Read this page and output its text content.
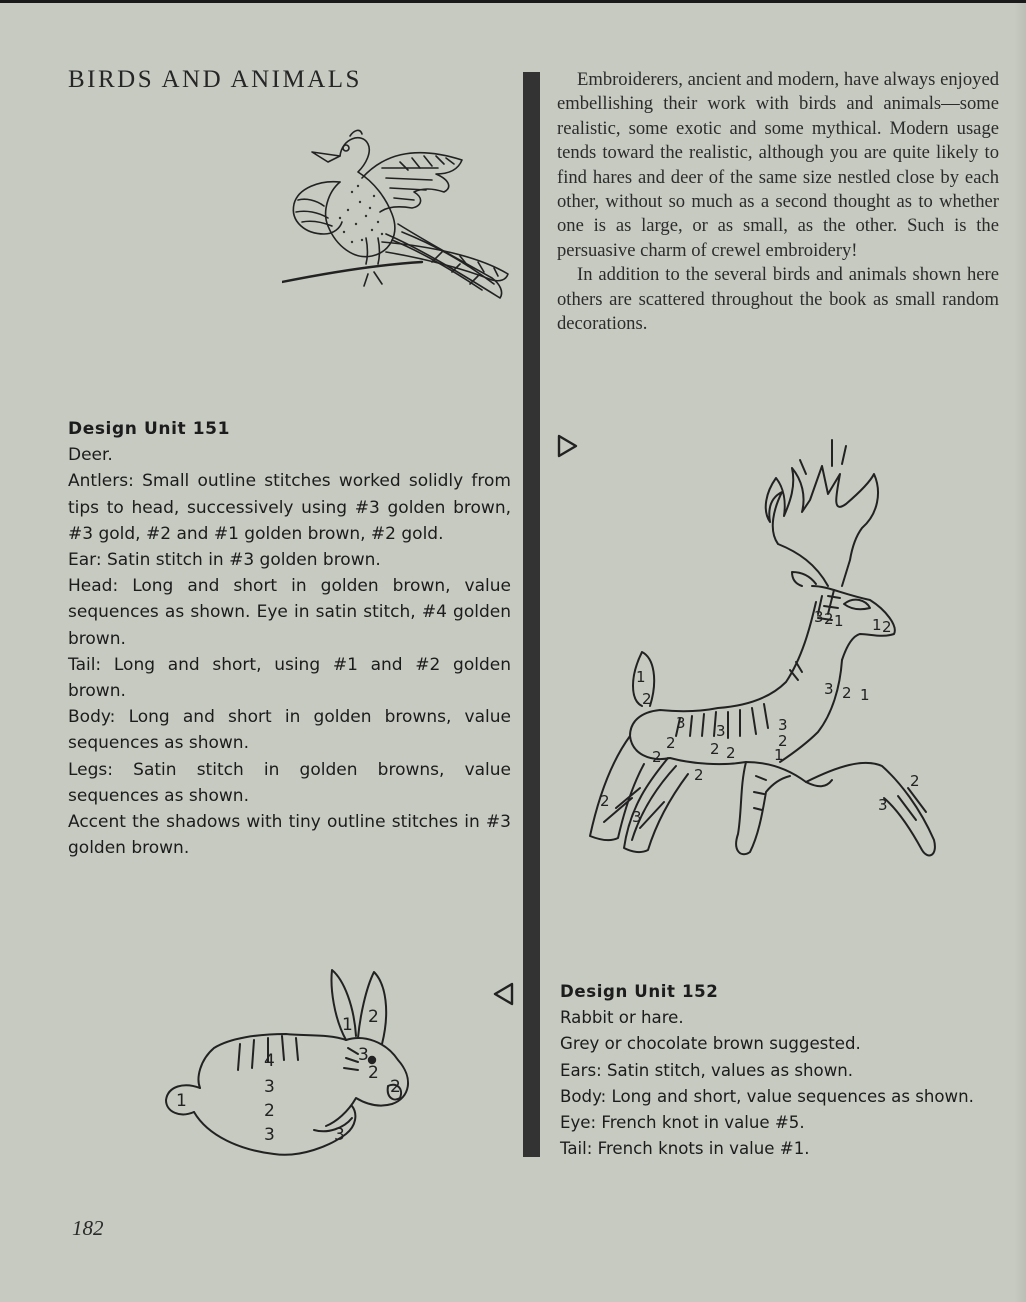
BIRDS AND ANIMALS	Embroiderers, ancient and modern, have always enjoyed embellishing their work with birds and animals—some realistic, some exotic and some mythical. Modern usage tends toward the realistic, although you are quite likely to find hares and deer of the same size nestled close by each other, without so much as a second thought as to whether one is as large, or as small, as the other. Such is the persuasive charm of crewel embroidery!

In addition to the several birds and animals shown here others are scattered throughout the book as small random decorations.

Design Unit 151

Deer.

Antlers: Small outline stitches worked solidly from tips to head, successively using #3 golden brown, #3 gold, #2 and #1 golden brown, #2 gold.

Ear: Satin stitch in #3 golden brown.

Head: Long and short in golden brown, value sequences as shown. Eye in satin stitch, #4 golden brown.

Tail: Long and short, using #1 and #2 golden brown.

Body: Long and short in golden browns, value sequences as shown.

Legs: Satin stitch in golden browns, value sequences as shown.

Accent the shadows with tiny outline stitches in #3 golden brown.

3 2 1 1 2
3 2 1
1
2
3 3	3
2
1
2
2	2 2
2
2
3
2
3
1 2
3
2
2
1
4
3
2
3	3
Design Unit 152

Rabbit or hare.

Grey or chocolate brown suggested.

Ears: Satin stitch, values as shown.

Body: Long and short, value sequences as shown.

Eye: French knot in value #5.

Tail: French knots in value #1.

182
